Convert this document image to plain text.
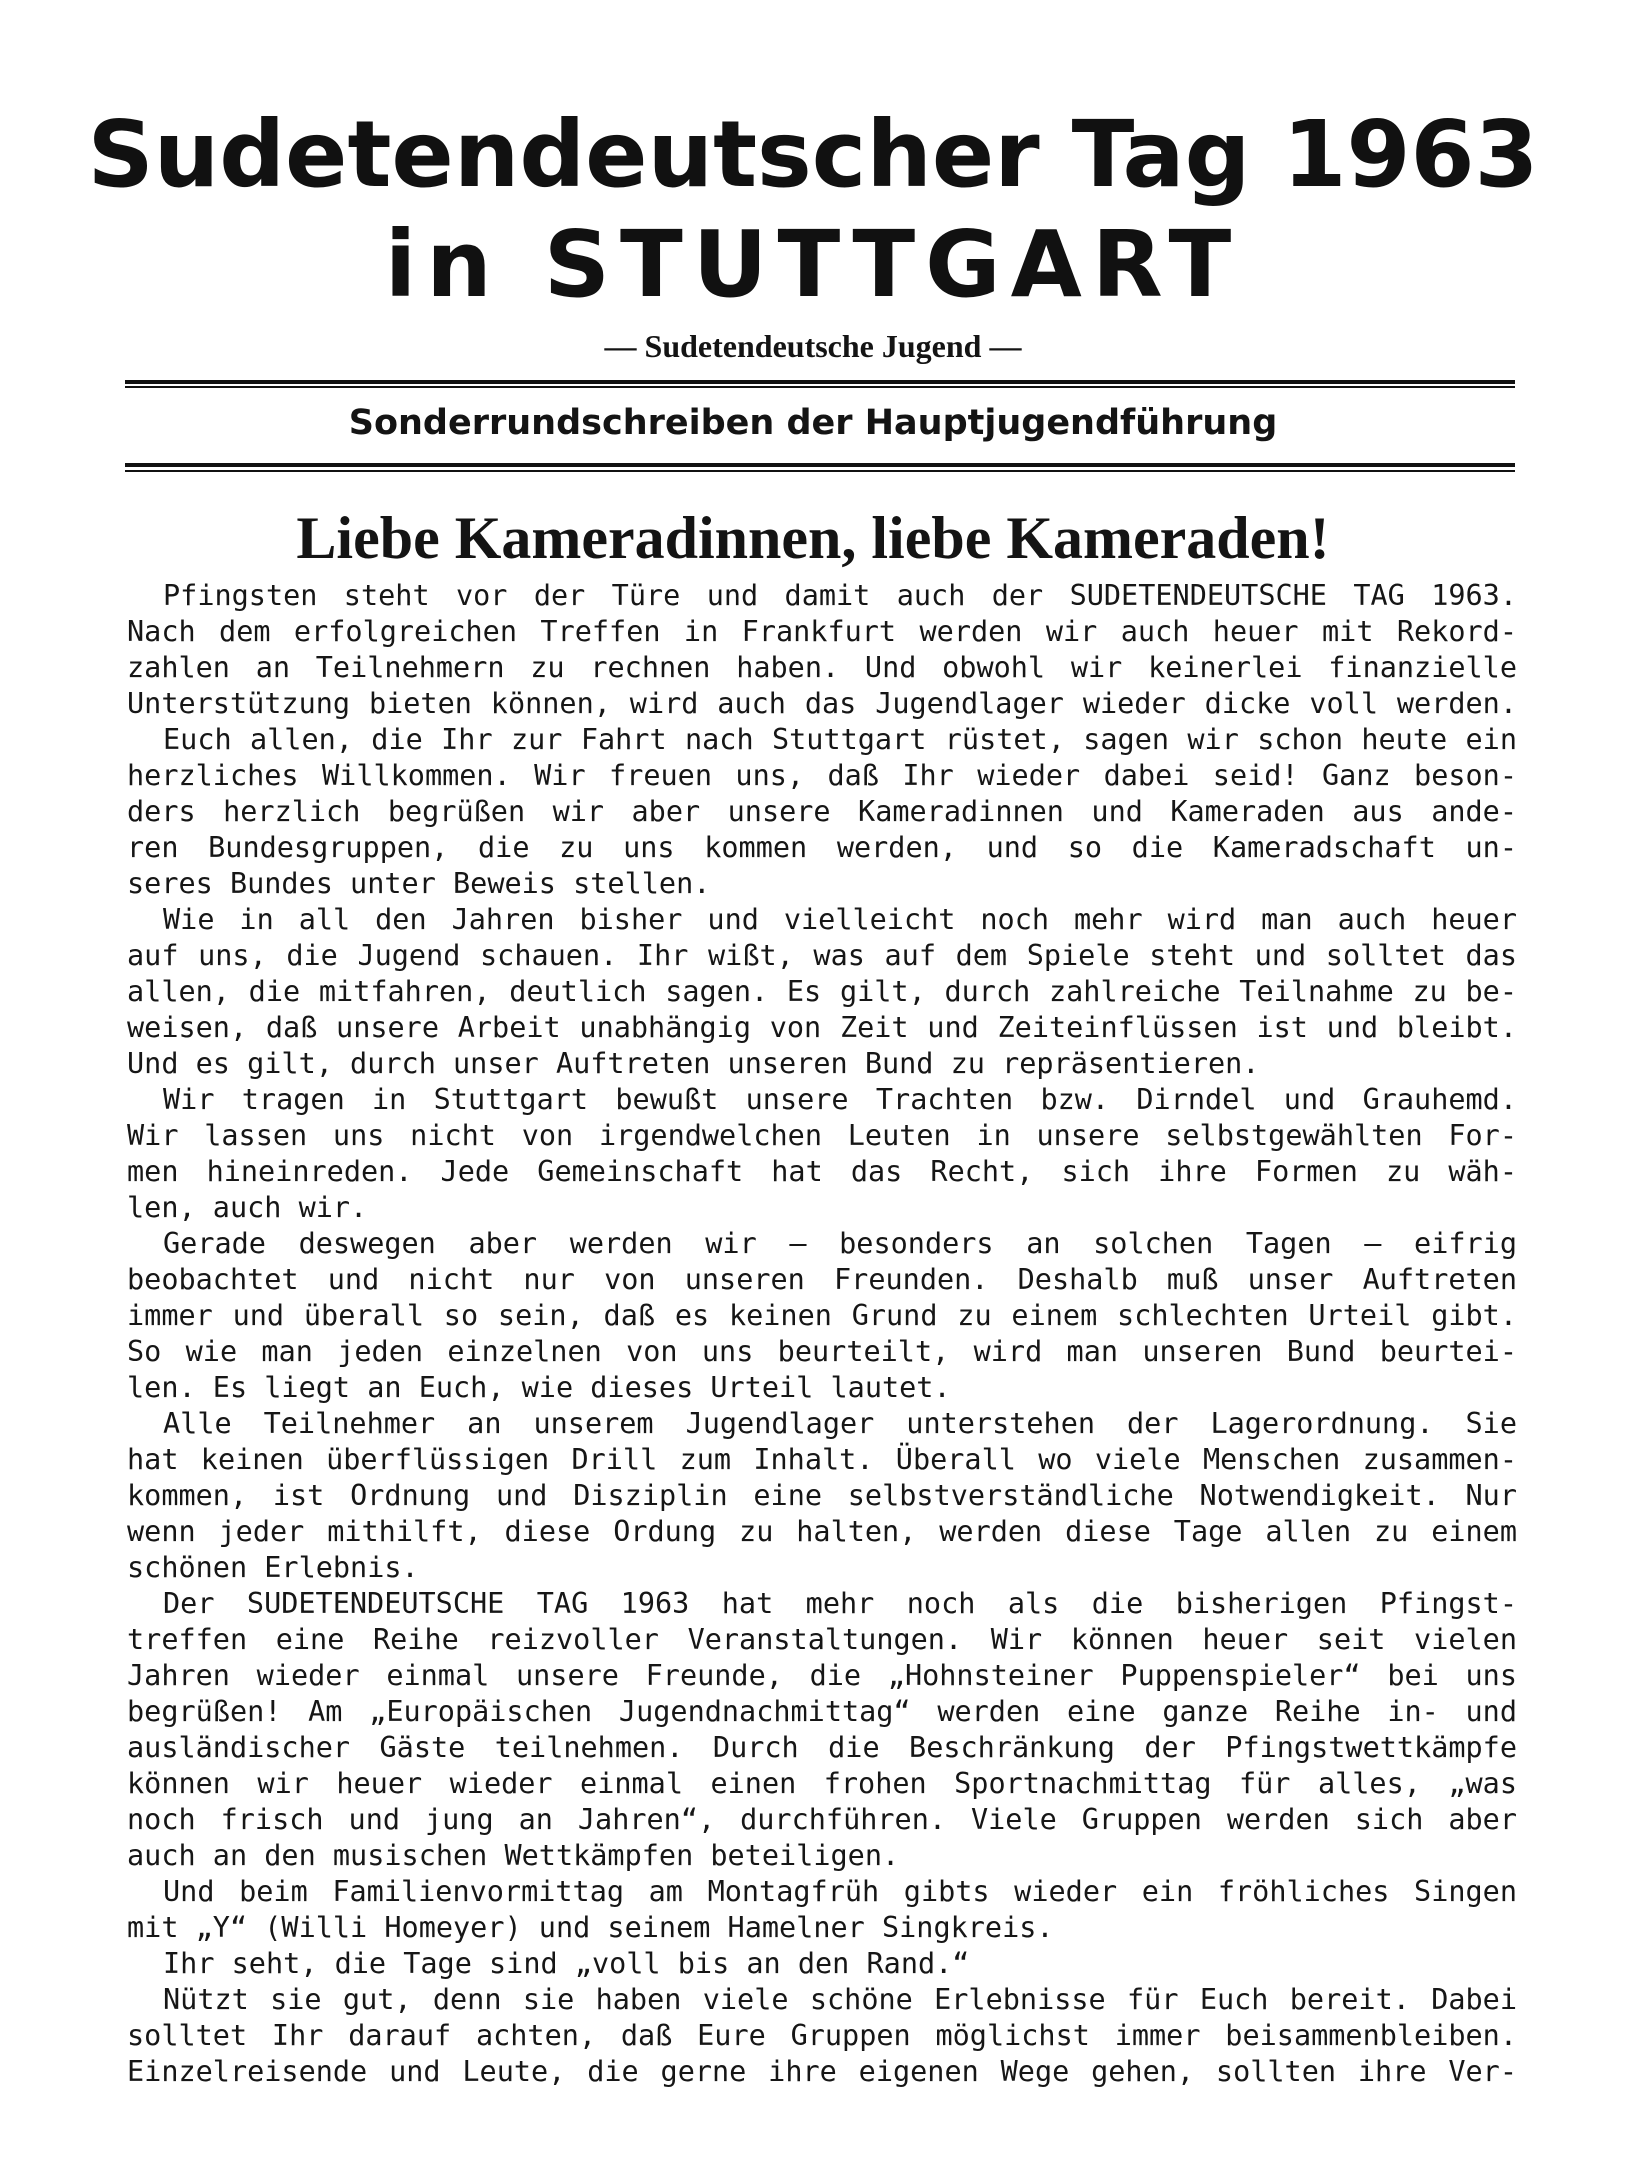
Sudetendeutscher Tag 1963
in STUTTGART
— Sudetendeutsche Jugend —
Sonderrundschreiben der Hauptjugendführung
Liebe Kameradinnen, liebe Kameraden!
Pfingsten steht vor der Türe und damit auch der SUDETENDEUTSCHE TAG 1963.
Nach dem erfolgreichen Treffen in Frankfurt werden wir auch heuer mit Rekord-
zahlen an Teilnehmern zu rechnen haben. Und obwohl wir keinerlei finanzielle
Unterstützung bieten können, wird auch das Jugendlager wieder dicke voll werden.
Euch allen, die Ihr zur Fahrt nach Stuttgart rüstet, sagen wir schon heute ein
herzliches Willkommen. Wir freuen uns, daß Ihr wieder dabei seid! Ganz beson-
ders herzlich begrüßen wir aber unsere Kameradinnen und Kameraden aus ande-
ren Bundesgruppen, die zu uns kommen werden, und so die Kameradschaft un-
seres Bundes unter Beweis stellen.
Wie in all den Jahren bisher und vielleicht noch mehr wird man auch heuer
auf uns, die Jugend schauen. Ihr wißt, was auf dem Spiele steht und solltet das
allen, die mitfahren, deutlich sagen. Es gilt, durch zahlreiche Teilnahme zu be-
weisen, daß unsere Arbeit unabhängig von Zeit und Zeiteinflüssen ist und bleibt.
Und es gilt, durch unser Auftreten unseren Bund zu repräsentieren.
Wir tragen in Stuttgart bewußt unsere Trachten bzw. Dirndel und Grauhemd.
Wir lassen uns nicht von irgendwelchen Leuten in unsere selbstgewählten For-
men hineinreden. Jede Gemeinschaft hat das Recht, sich ihre Formen zu wäh-
len, auch wir.
Gerade deswegen aber werden wir — besonders an solchen Tagen — eifrig
beobachtet und nicht nur von unseren Freunden. Deshalb muß unser Auftreten
immer und überall so sein, daß es keinen Grund zu einem schlechten Urteil gibt.
So wie man jeden einzelnen von uns beurteilt, wird man unseren Bund beurtei-
len. Es liegt an Euch, wie dieses Urteil lautet.
Alle Teilnehmer an unserem Jugendlager unterstehen der Lagerordnung. Sie
hat keinen überflüssigen Drill zum Inhalt. Überall wo viele Menschen zusammen-
kommen, ist Ordnung und Disziplin eine selbstverständliche Notwendigkeit. Nur
wenn jeder mithilft, diese Ordung zu halten, werden diese Tage allen zu einem
schönen Erlebnis.
Der SUDETENDEUTSCHE TAG 1963 hat mehr noch als die bisherigen Pfingst-
treffen eine Reihe reizvoller Veranstaltungen. Wir können heuer seit vielen
Jahren wieder einmal unsere Freunde, die „Hohnsteiner Puppenspieler“ bei uns
begrüßen! Am „Europäischen Jugendnachmittag“ werden eine ganze Reihe in- und
ausländischer Gäste teilnehmen. Durch die Beschränkung der Pfingstwettkämpfe
können wir heuer wieder einmal einen frohen Sportnachmittag für alles, „was
noch frisch und jung an Jahren“, durchführen. Viele Gruppen werden sich aber
auch an den musischen Wettkämpfen beteiligen.
Und beim Familienvormittag am Montagfrüh gibts wieder ein fröhliches Singen
mit „Y“ (Willi Homeyer) und seinem Hamelner Singkreis.
Ihr seht, die Tage sind „voll bis an den Rand.“
Nützt sie gut, denn sie haben viele schöne Erlebnisse für Euch bereit. Dabei
solltet Ihr darauf achten, daß Eure Gruppen möglichst immer beisammenbleiben.
Einzelreisende und Leute, die gerne ihre eigenen Wege gehen, sollten ihre Ver-
